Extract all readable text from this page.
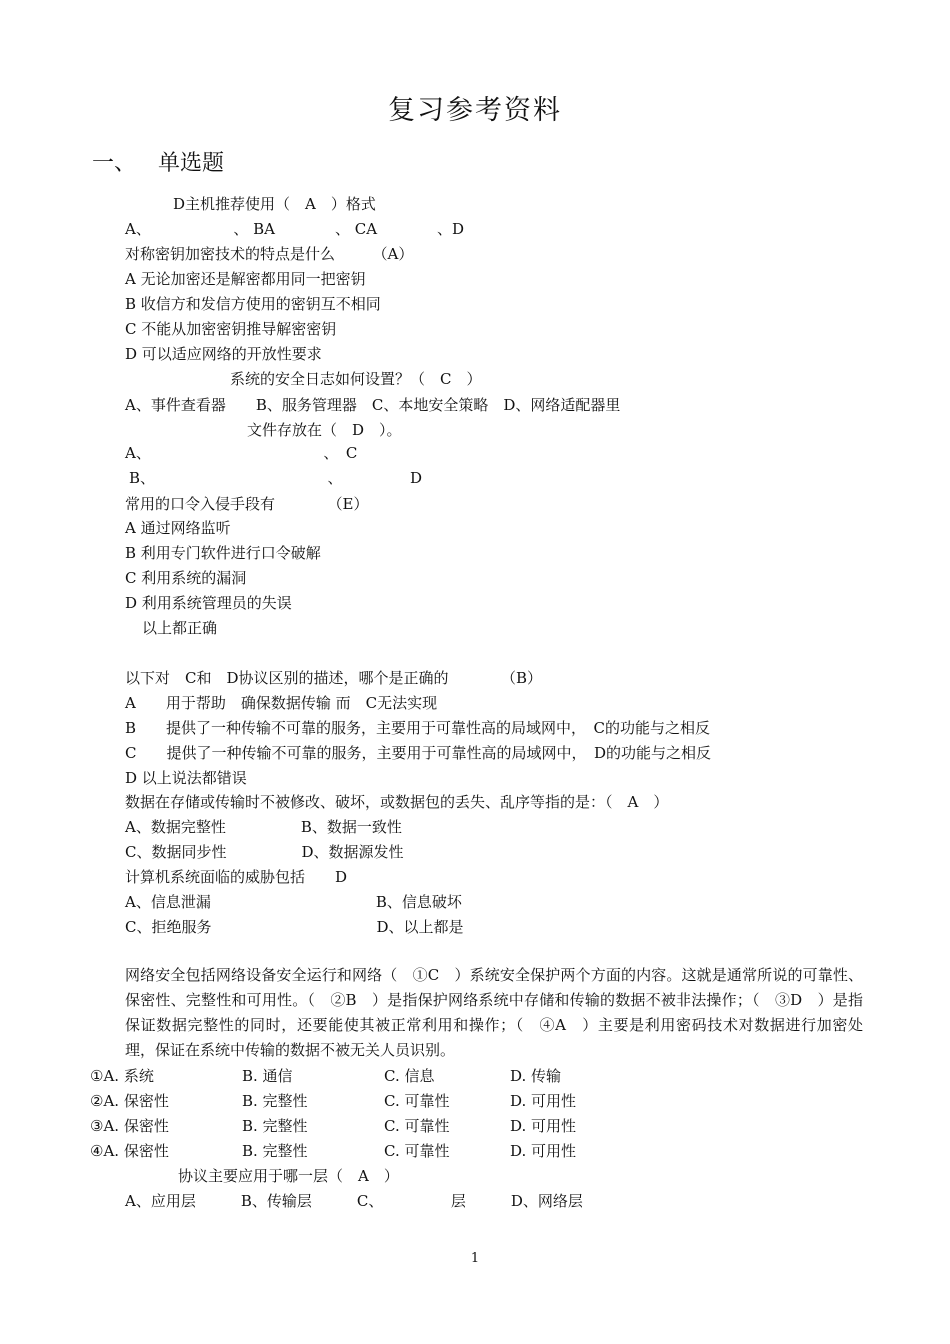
复习参考资料
一、 单选题
D主机推荐使用（　A　）格式
A、　　　　　　、 BA　　　　、 CA　　　　、D
对称密钥加密技术的特点是什么　　　（A）
A 无论加密还是解密都用同一把密钥
B 收信方和发信方使用的密钥互不相同
C 不能从加密密钥推导解密密钥
D 可以适应网络的开放性要求
系统的安全日志如何设置？（　C　）
A、事件查看器　　B、服务管理器　C、本地安全策略　D、网络适配器里
文件存放在（　D　）。
A、　　　　　　　　　　　　、　C
B、　　　　　　　　　　　　、　　　　　D
常用的口令入侵手段有　　　　（E）
A 通过网络监听
B 利用专门软件进行口令破解
C 利用系统的漏洞
D 利用系统管理员的失误
以上都正确
以下对　C和　D协议区别的描述，哪个是正确的　　　　（B）
A　　用于帮助　确保数据传输 而　C无法实现
B　　提供了一种传输不可靠的服务，主要用于可靠性高的局域网中，　C的功能与之相反
C　　提供了一种传输不可靠的服务，主要用于可靠性高的局域网中，　D的功能与之相反
D 以上说法都错误
数据在存储或传输时不被修改、破坏，或数据包的丢失、乱序等指的是：（　A　）
A、数据完整性　　　　　B、数据一致性
C、数据同步性　　　　　D、数据源发性
计算机系统面临的威胁包括　　D
A、信息泄漏　　　　　　　　　　　B、信息破坏
C、拒绝服务　　　　　　　　　　　D、以上都是
网络安全包括网络设备安全运行和网络（　①C　）系统安全保护两个方面的内容。这就是通常所说的可靠性、保密性、完整性和可用性。（　②B　）是指保护网络系统中存储和传输的数据不被非法操作；（　③D　）是指保证数据完整性的同时，还要能使其被正常利用和操作；（　④A　）主要是利用密码技术对数据进行加密处理，保证在系统中传输的数据不被无关人员识别。
①A. 系统	B. 通信	C. 信息	D. 传输
②A. 保密性	B. 完整性	C. 可靠性	D. 可用性
③A. 保密性	B. 完整性	C. 可靠性	D. 可用性
④A. 保密性	B. 完整性	C. 可靠性	D. 可用性
协议主要应用于哪一层（　A　）
A、应用层　　　B、传输层　　　C、　　　　　层　　　D、网络层
1
